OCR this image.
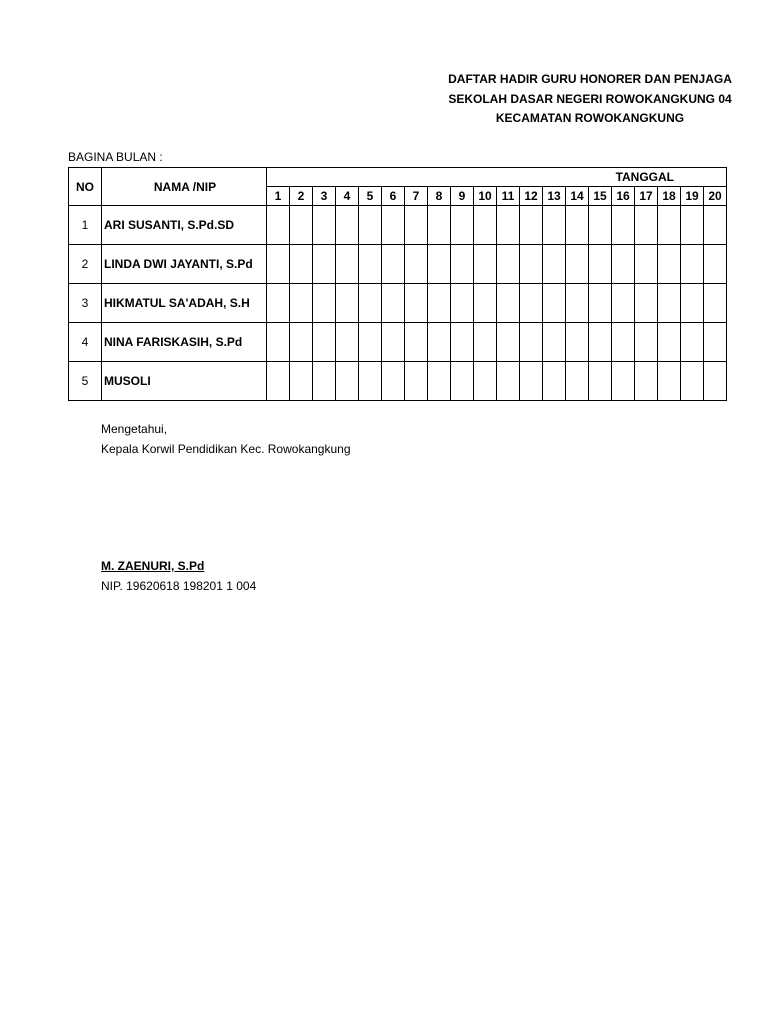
DAFTAR HADIR GURU HONORER DAN PENJAGA
SEKOLAH DASAR NEGERI ROWOKANGKUNG 04
KECAMATAN ROWOKANGKUNG
BAGINA BULAN :
NO	NAMA /NIP	TANGGAL																			
		1	2	3	4	5	6	7	8	9	10	11	12	13	14	15	16	17	18	19	20
1	ARI SUSANTI, S.Pd.SD																				
2	LINDA DWI JAYANTI, S.Pd																				
3	HIKMATUL SA'ADAH, S.H																				
4	NINA FARISKASIH, S.Pd																				
5	MUSOLI																				
Mengetahui,
Kepala Korwil Pendidikan Kec. Rowokangkung
M. ZAENURI, S.Pd
NIP. 19620618 198201 1 004
